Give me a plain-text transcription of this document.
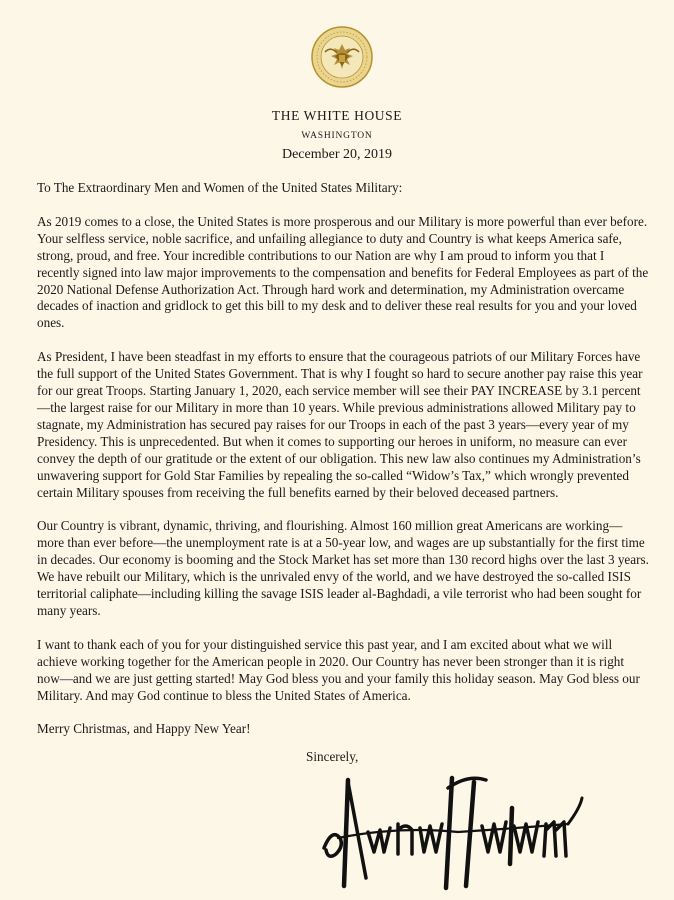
THE WHITE HOUSE
WASHINGTON
December 20, 2019

To The Extraordinary Men and Women of the United States Military:

As 2019 comes to a close, the United States is more prosperous and our Military is more powerful than ever before. Your selfless service, noble sacrifice, and unfailing allegiance to duty and Country is what keeps America safe, strong, proud, and free. Your incredible contributions to our Nation are why I am proud to inform you that I recently signed into law major improvements to the compensation and benefits for Federal Employees as part of the 2020 National Defense Authorization Act. Through hard work and determination, my Administration overcame decades of inaction and gridlock to get this bill to my desk and to deliver these real results for you and your loved ones.

As President, I have been steadfast in my efforts to ensure that the courageous patriots of our Military Forces have the full support of the United States Government. That is why I fought so hard to secure another pay raise this year for our great Troops. Starting January 1, 2020, each service member will see their PAY INCREASE by 3.1 percent—the largest raise for our Military in more than 10 years. While previous administrations allowed Military pay to stagnate, my Administration has secured pay raises for our Troops in each of the past 3 years—every year of my Presidency. This is unprecedented. But when it comes to supporting our heroes in uniform, no measure can ever convey the depth of our gratitude or the extent of our obligation. This new law also continues my Administration’s unwavering support for Gold Star Families by repealing the so-called “Widow’s Tax,” which wrongly prevented certain Military spouses from receiving the full benefits earned by their beloved deceased partners.

Our Country is vibrant, dynamic, thriving, and flourishing. Almost 160 million great Americans are working—more than ever before—the unemployment rate is at a 50-year low, and wages are up substantially for the first time in decades. Our economy is booming and the Stock Market has set more than 130 record highs over the last 3 years. We have rebuilt our Military, which is the unrivaled envy of the world, and we have destroyed the so-called ISIS territorial caliphate—including killing the savage ISIS leader al-Baghdadi, a vile terrorist who had been sought for many years.

I want to thank each of you for your distinguished service this past year, and I am excited about what we will achieve working together for the American people in 2020. Our Country has never been stronger than it is right now—and we are just getting started! May God bless you and your family this holiday season. May God bless our Military. And may God continue to bless the United States of America.

Merry Christmas, and Happy New Year!

Sincerely,
